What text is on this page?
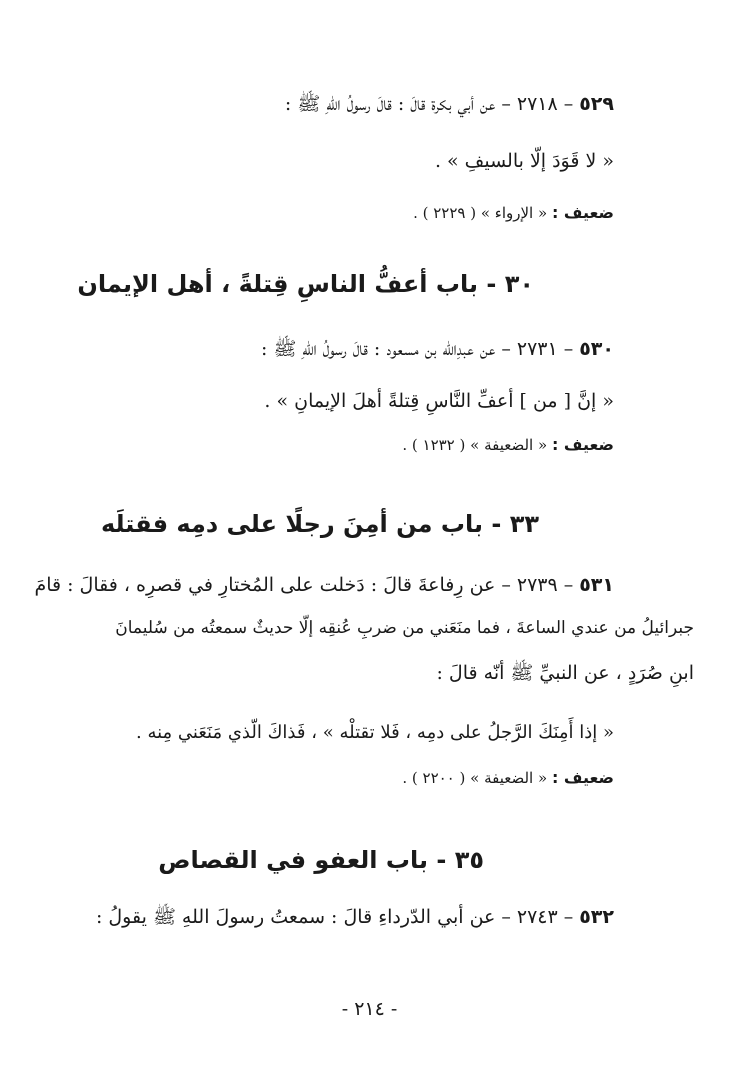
٥٢٩–٢٧١٨–عن أبي بكرة قالَ : قالَ رسولُ اللهِ ﷺ :
« لا قَوَدَ إلّا بالسيفِ » .
ضعيف : « الإرواء » ( ٢٢٢٩ ) .
٣٠ - باب أعفُّ الناسِ قِتلةً ، أهل الإيمان
٥٣٠–٢٧٣١–عن عبدِالله بن مسعود : قالَ رسولُ اللهِ ﷺ :
« إنَّ [ من ] أعفِّ النَّاسِ قِتلةً أهلَ الإيمانِ » .
ضعيف : « الضعيفة » ( ١٢٣٢ ) .
٣٣ - باب من أمِنَ رجلًا على دمِه فقتلَه
٥٣١–٢٧٣٩–عن رِفاعةَ قالَ : دَخلت على المُختارِ في قصرِه ، فقالَ : قامَ
جبرائيلُ من عندي الساعةَ ، فما منَعَني من ضربِ عُنقِه إلّا حديثٌ سمعتُه من سُليمانَ
ابنِ صُرَدٍ ، عن النبيِّ ﷺ أنّه قالَ :
« إذا أَمِنَكَ الرَّجلُ على دمِه ، فَلا تقتلْه » ، فَذاكَ الّذي مَنَعَني مِنه .
ضعيف : « الضعيفة » ( ٢٢٠٠ ) .
٣٥ - باب العفو في القصاص
٥٣٢–٢٧٤٣–عن أبي الدّرداءِ قالَ : سمعتُ رسولَ اللهِ ﷺ يقولُ :
- ٢١٤ -
